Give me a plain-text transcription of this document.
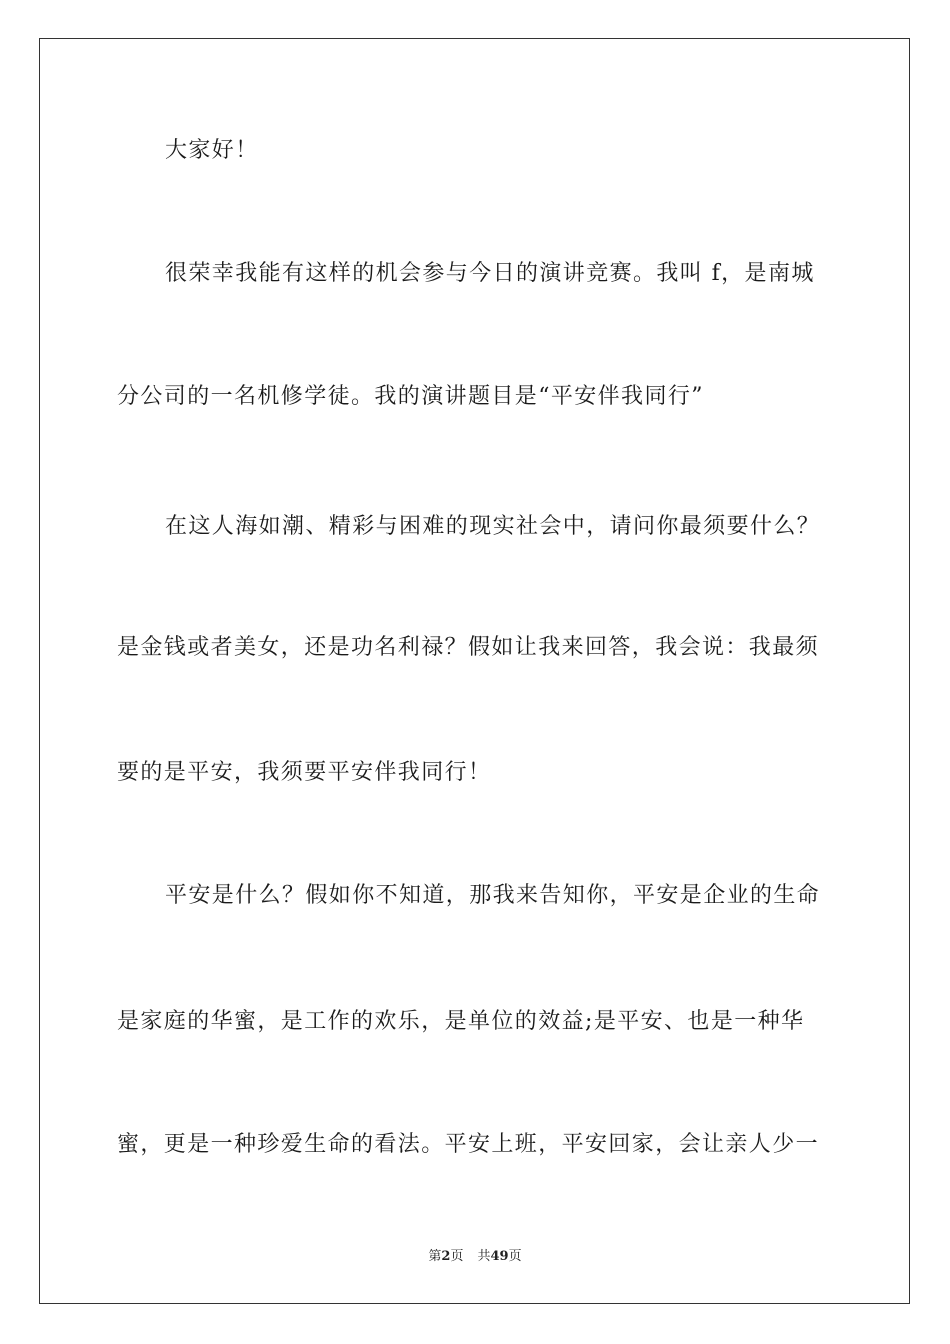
大家好！
很荣幸我能有这样的机会参与今日的演讲竞赛。我叫 f，是南城
分公司的一名机修学徒。我的演讲题目是“平安伴我同行”
在这人海如潮、精彩与困难的现实社会中，请问你最须要什么？
是金钱或者美女，还是功名利禄？假如让我来回答，我会说：我最须
要的是平安，我须要平安伴我同行！
平安是什么？假如你不知道，那我来告知你，平安是企业的生命
是家庭的华蜜，是工作的欢乐，是单位的效益;是平安、也是一种华
蜜，更是一种珍爱生命的看法。平安上班，平安回家，会让亲人少一
第2页 共49页
